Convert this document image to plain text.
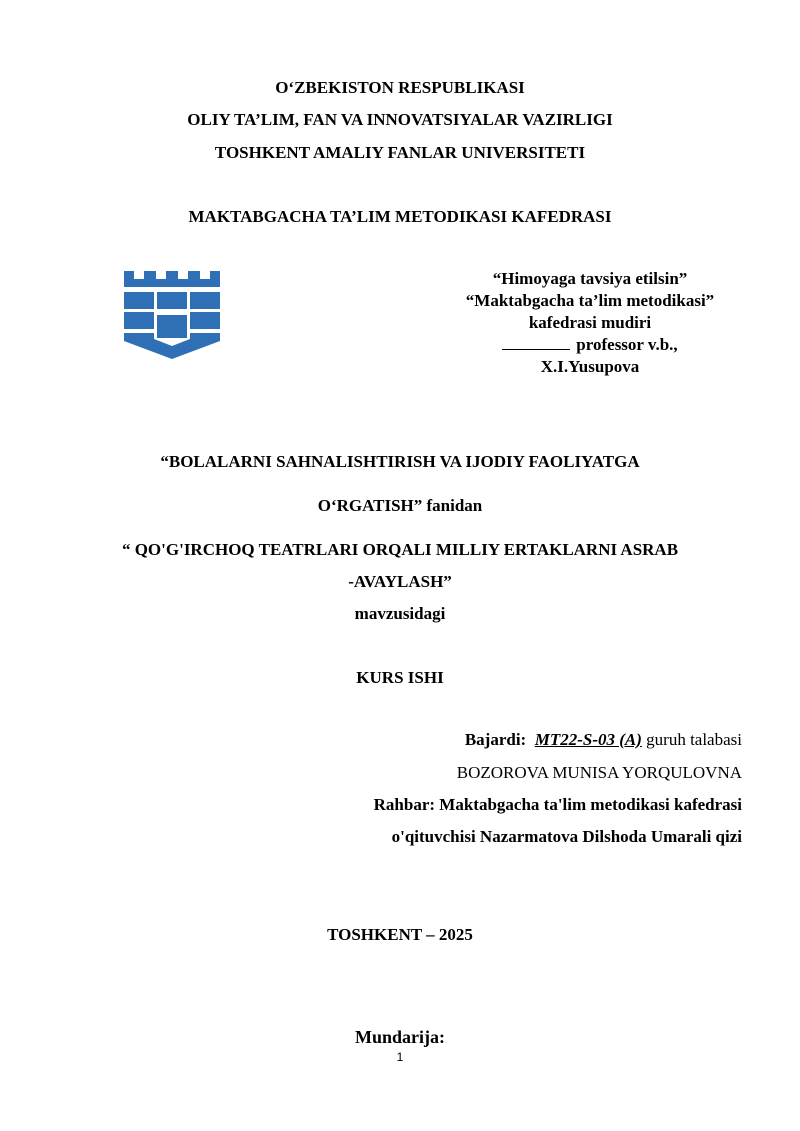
O‘ZBEKISTON RESPUBLIKASI
OLIY TA’LIM, FAN VA INNOVATSIYALAR VAZIRLIGI
TOSHKENT AMALIY FANLAR UNIVERSITETI
MAKTABGACHA TA’LIM METODIKASI KAFEDRASI
“Himoyaga tavsiya etilsin”
“Maktabgacha ta’lim metodikasi”
kafedrasi mudiri
professor v.b.,
X.I.Yusupova
“BOLALARNI SAHNALISHTIRISH VA IJODIY FAOLIYATGA
O‘RGATISH” fanidan
“ QO'G'IRCHOQ TEATRLARI ORQALI MILLIY ERTAKLARNI ASRAB
-AVAYLASH”
mavzusidagi
KURS ISHI
Bajardi: MT22-S-03 (A) guruh talabasi
BOZOROVA MUNISA YORQULOVNA
Rahbar: Maktabgacha ta'lim metodikasi kafedrasi
o'qituvchisi Nazarmatova Dilshoda Umarali qizi
TOSHKENT – 2025
Mundarija:
1
